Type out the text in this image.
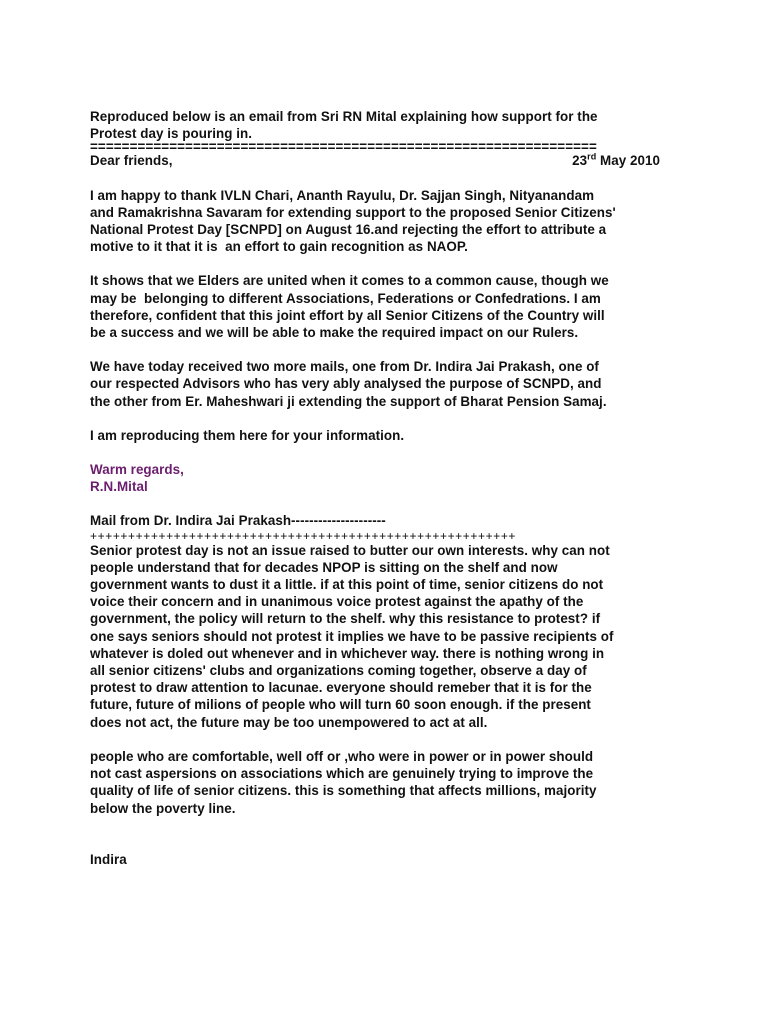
Reproduced below is an email from Sri RN Mital explaining how support for the

Protest day is pouring in.

================================================================

Dear friends,	23rd May 2010

I am happy to thank IVLN Chari, Ananth Rayulu, Dr. Sajjan Singh, Nityanandam

and Ramakrishna Savaram for extending support to the proposed Senior Citizens'

National Protest Day [SCNPD] on August 16.and rejecting the effort to attribute a

motive to it that it is  an effort to gain recognition as NAOP.

It shows that we Elders are united when it comes to a common cause, though we

may be  belonging to different Associations, Federations or Confedrations. I am

therefore, confident that this joint effort by all Senior Citizens of the Country will

be a success and we will be able to make the required impact on our Rulers.

We have today received two more mails, one from Dr. Indira Jai Prakash, one of

our respected Advisors who has very ably analysed the purpose of SCNPD, and

the other from Er. Maheshwari ji extending the support of Bharat Pension Samaj.

I am reproducing them here for your information.

Warm regards,

R.N.Mital

Mail from Dr. Indira Jai Prakash---------------------

++++++++++++++++++++++++++++++++++++++++++++++++++++++++

Senior protest day is not an issue raised to butter our own interests. why can not

people understand that for decades NPOP is sitting on the shelf and now

government wants to dust it a little. if at this point of time, senior citizens do not

voice their concern and in unanimous voice protest against the apathy of the

government, the policy will return to the shelf. why this resistance to protest? if

one says seniors should not protest it implies we have to be passive recipients of

whatever is doled out whenever and in whichever way. there is nothing wrong in

all senior citizens' clubs and organizations coming together, observe a day of

protest to draw attention to lacunae. everyone should remeber that it is for the

future, future of milions of people who will turn 60 soon enough. if the present

does not act, the future may be too unempowered to act at all.

people who are comfortable, well off or ,who were in power or in power should

not cast aspersions on associations which are genuinely trying to improve the

quality of life of senior citizens. this is something that affects millions, majority

below the poverty line.

Indira
